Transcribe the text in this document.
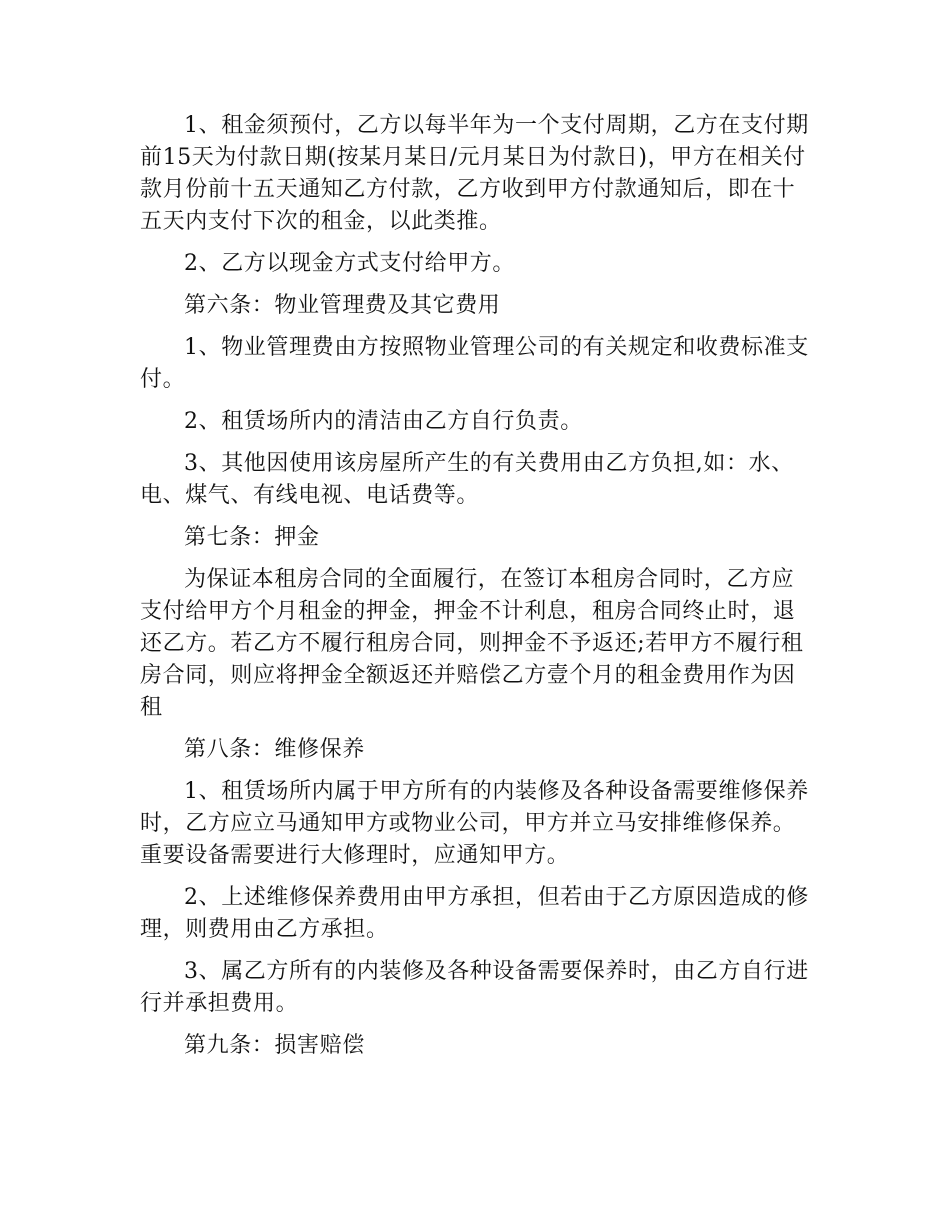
1、租金须预付，乙方以每半年为一个支付周期，乙方在支付期前15天为付款日期(按某月某日/元月某日为付款日)，甲方在相关付款月份前十五天通知乙方付款，乙方收到甲方付款通知后，即在十五天内支付下次的租金，以此类推。

2、乙方以现金方式支付给甲方。

第六条：物业管理费及其它费用

1、物业管理费由方按照物业管理公司的有关规定和收费标准支付。

2、租赁场所内的清洁由乙方自行负责。

3、其他因使用该房屋所产生的有关费用由乙方负担,如：水、电、煤气、有线电视、电话费等。

第七条：押金

为保证本租房合同的全面履行，在签订本租房合同时，乙方应支付给甲方个月租金的押金，押金不计利息，租房合同终止时，退还乙方。若乙方不履行租房合同，则押金不予返还;若甲方不履行租房合同，则应将押金全额返还并赔偿乙方壹个月的租金费用作为因租

第八条：维修保养

1、租赁场所内属于甲方所有的内装修及各种设备需要维修保养时，乙方应立马通知甲方或物业公司，甲方并立马安排维修保养。重要设备需要进行大修理时，应通知甲方。

2、上述维修保养费用由甲方承担，但若由于乙方原因造成的修理，则费用由乙方承担。

3、属乙方所有的内装修及各种设备需要保养时，由乙方自行进行并承担费用。

第九条：损害赔偿
